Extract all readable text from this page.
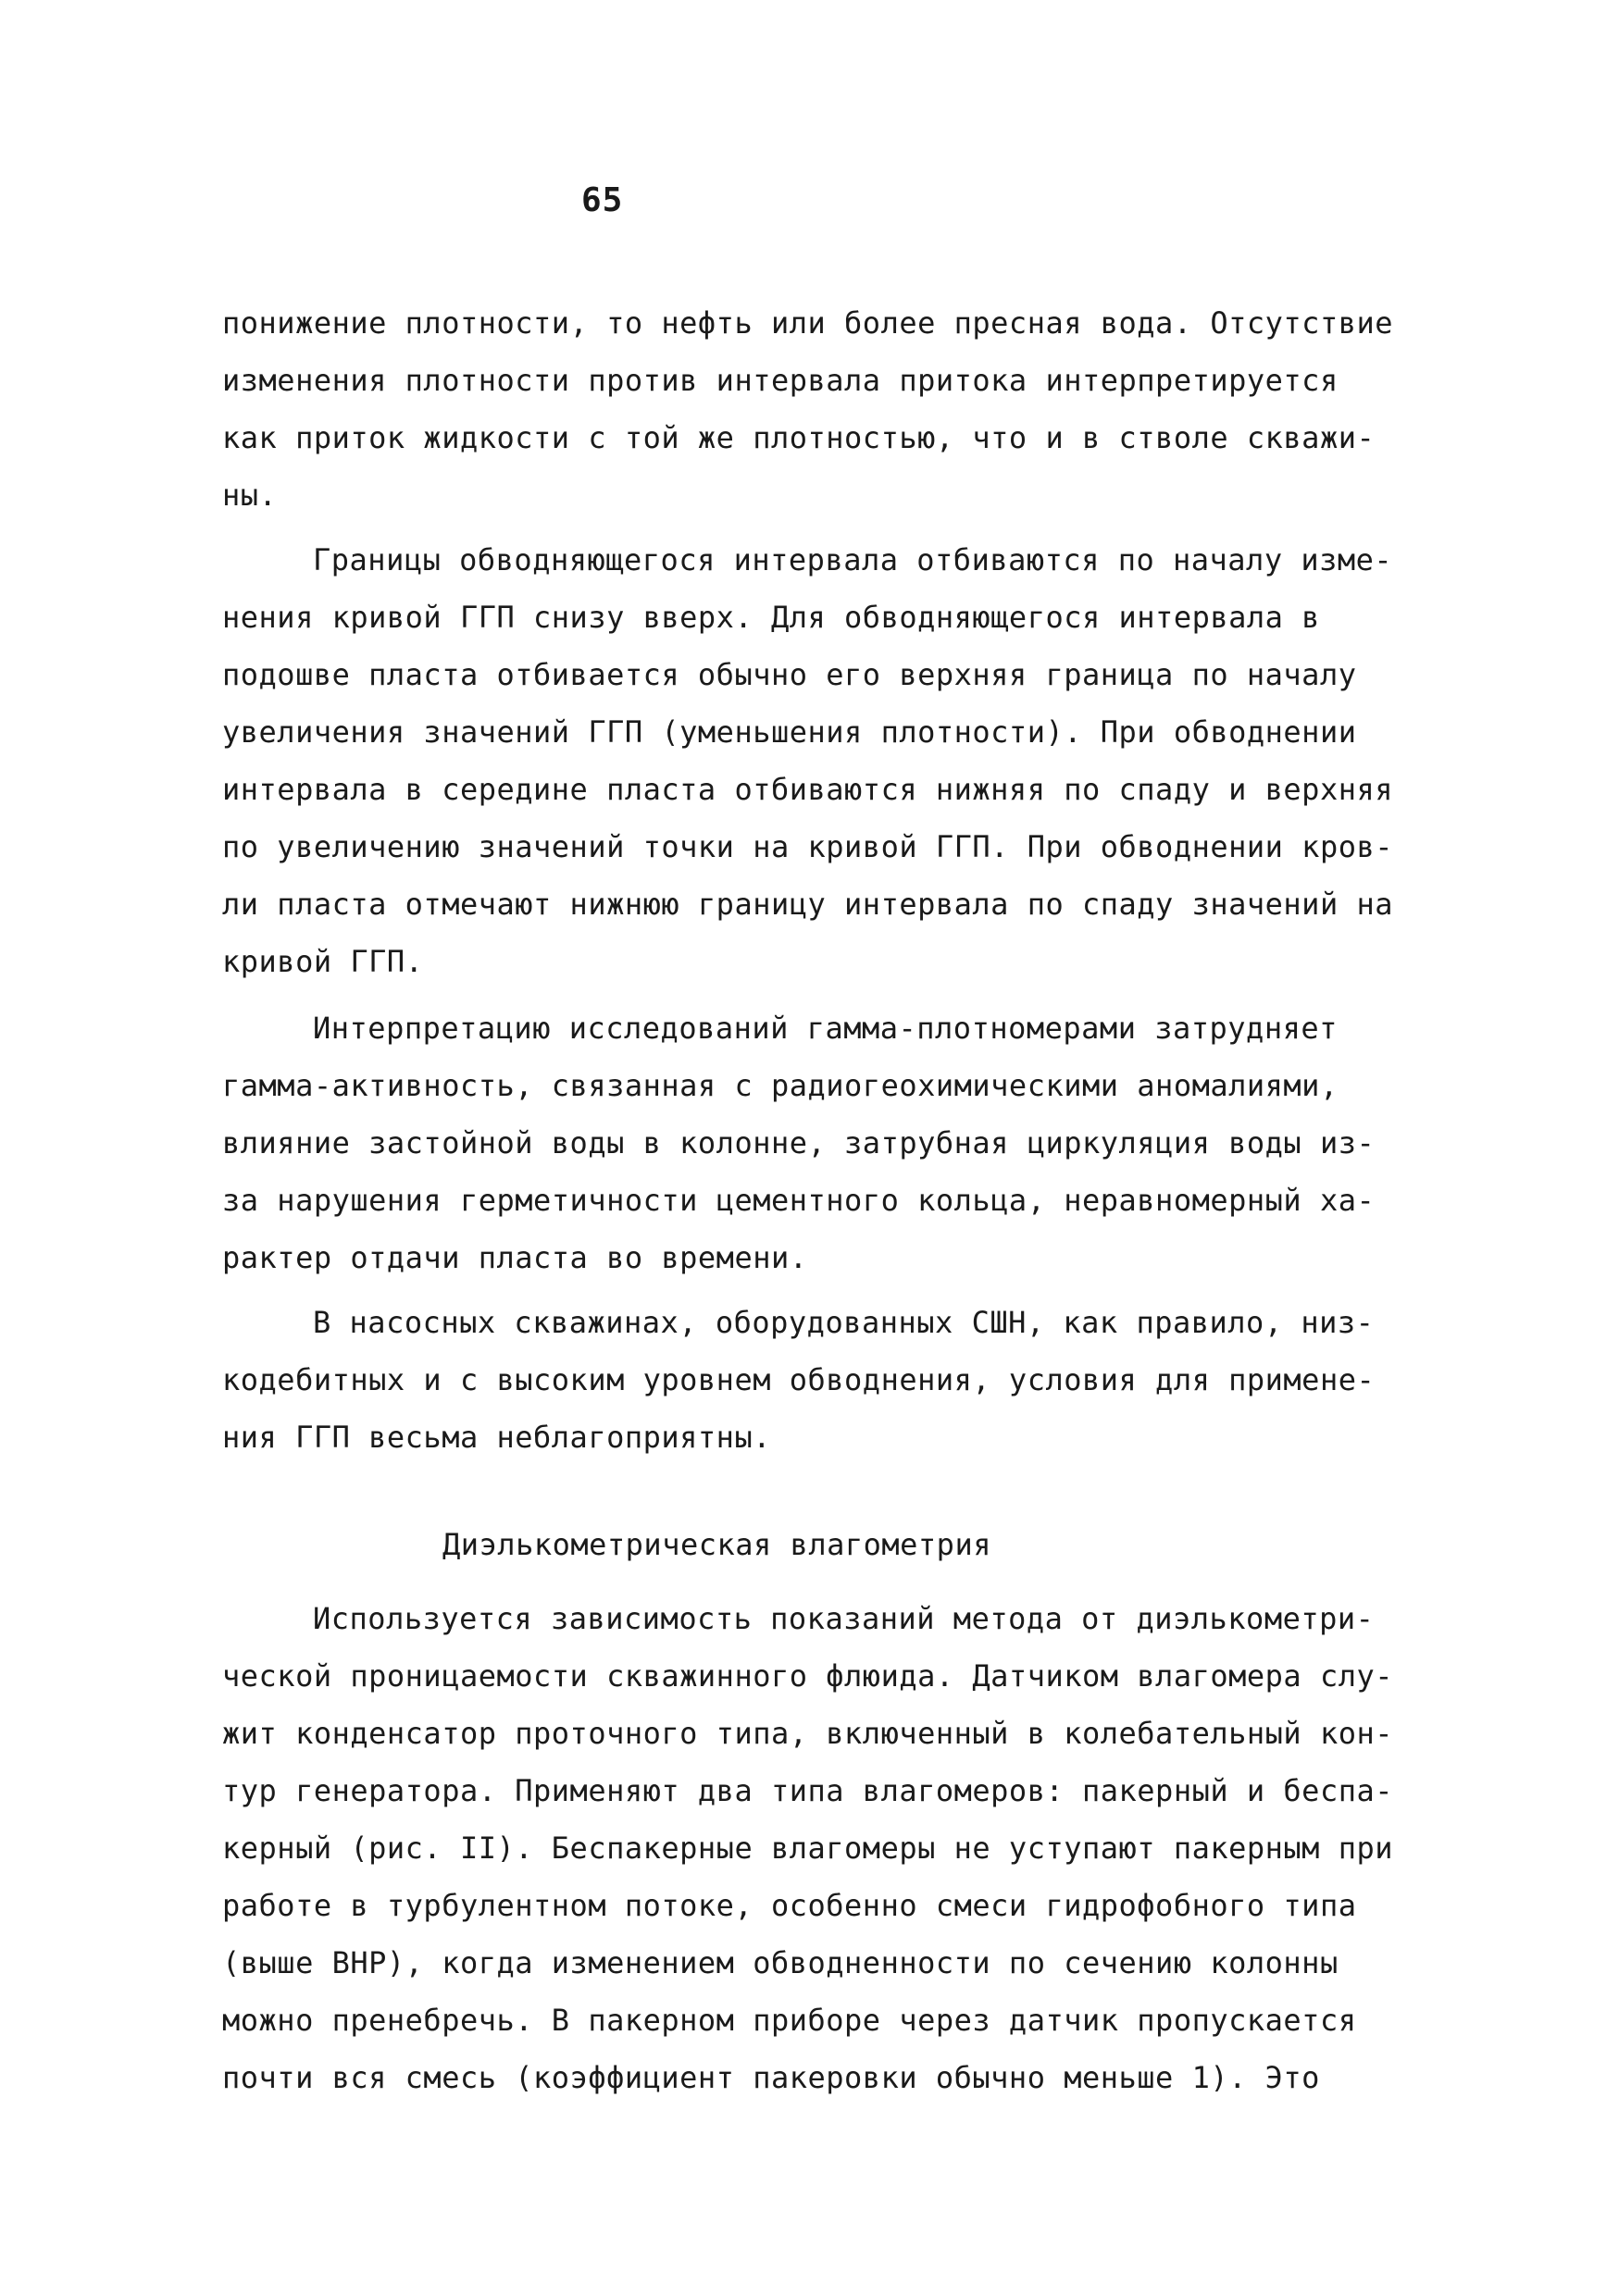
65
понижение плотности, то нефть или более пресная вода. Отсутствие
изменения плотности против интервала притока интерпретируется
как приток жидкости с той же плотностью, что и в стволе скважи-
ны.
Границы обводняющегося интервала отбиваются по началу изме-
нения кривой ГГП снизу вверх. Для обводняющегося интервала в
подошве пласта отбивается обычно его верхняя граница по началу
увеличения значений ГГП (уменьшения плотности). При обводнении
интервала в середине пласта отбиваются нижняя по спаду и верхняя
по увеличению значений точки на кривой ГГП. При обводнении кров-
ли пласта отмечают нижнюю границу интервала по спаду значений на
кривой ГГП.
Интерпретацию исследований гамма-плотномерами затрудняет
гамма-активность, связанная с радиогеохимическими аномалиями,
влияние застойной воды в колонне, затрубная циркуляция воды из-
за нарушения герметичности цементного кольца, неравномерный ха-
рактер отдачи пласта во времени.
В насосных скважинах, оборудованных СШН, как правило, низ-
кодебитных и с высоким уровнем обводнения, условия для примене-
ния ГГП весьма неблагоприятны.
Диэлькометрическая влагометрия
Используется зависимость показаний метода от диэлькометри-
ческой проницаемости скважинного флюида. Датчиком влагомера слу-
жит конденсатор проточного типа, включенный в колебательный кон-
тур генератора. Применяют два типа влагомеров: пакерный и беспа-
керный (рис. II). Беспакерные влагомеры не уступают пакерным при
работе в турбулентном потоке, особенно смеси гидрофобного типа
(выше ВНР), когда изменением обводненности по сечению колонны
можно пренебречь. В пакерном приборе через датчик пропускается
почти вся смесь (коэффициент пакеровки обычно меньше 1). Это
